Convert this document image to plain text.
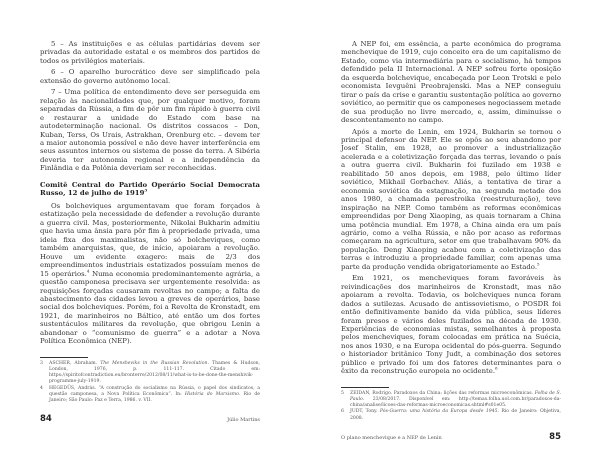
5 – As instituições e as células partidárias devem ser privadas da autoridade estatal e os membros dos partidos de todos os privilégios materiais.

6 – O aparelho burocrático deve ser simplificado pela extensão do governo autônomo local.

7 – Uma política de entendimento deve ser perseguida em relação às nacionalidades que, por qualquer motivo, foram separadas da Rússia, a fim de pôr um fim rápido à guerra civil e restaurar a unidade do Estado com base na autodeterminação nacional. Os distritos cossacos – Don, Kuban, Terss, Os Urais, Astrakhan, Orenburg etc. – devem ter a maior autonomia possível e não deve haver interferência em seus assuntos internos ou sistema de posse da terra. A Sibéria deveria ter autonomia regional e a independência da Finlândia e da Polônia deveriam ser reconhecidas.

Comitê Central do Partido Operário Social Democrata Russo, 12 de julho de 1919$^3$

Os bolcheviques argumentavam que foram forçados à estatização pela necessidade de defender a revolução durante a guerra civil. Mas, posteriormente, Nikolai Bukharin admitiu que havia uma ânsia para pôr fim à propriedade privada, uma ideia fixa dos maximalistas, não só bolcheviques, como também anarquistas, que, de início, apoiaram a revolução. Houve um evidente exagero: mais de 2/3 dos empreendimentos industriais estatizados possuíam menos de 15 operários.$^4$ Numa economia predominantemente agrária, a questão camponesa precisava ser urgentemente resolvida: as requisições forçadas causaram revoltas no campo; a falta de abastecimento das cidades levou a greves de operários, base social dos bolcheviques. Porém, foi a Revolta de Kronstadt, em 1921, de marinheiros no Báltico, até então um dos fortes sustentáculos militares da revolução, que obrigou Lenin a abandonar o “comunismo de guerra” e a adotar a Nova Política Econômica (NEP).

3 ASCHER, Abraham. The Mensheviks in the Russian Revolution. Thames & Hudson, London, 1976, p. 111-117. Citado em: https://spiritofcontradiction.eu/bronterre/2012/08/11/what-is-to-be-done-the-menshivik-programme-july-1919.
4 HEGEDÜS, András. “A construção do socialismo na Rússia, o papel dos sindicatos, a questão camponesa, a Nova Política Econômica”. In: História do Marxismo. Rio de Janeiro; São Paulo: Paz e Terra, 1986. v. VII.
84	Júlio Martins

A NEP foi, em essência, a parte econômica do programa menchevique de 1919, cujo conceito era de um capitalismo de Estado, como via intermediária para o socialismo, há tempos defendido pela II Internacional. A NEP sofreu forte oposição da esquerda bolchevique, encabeçada por Leon Trotski e pelo economista Ievguêni Preobrajenski. Mas a NEP conseguiu tirar o país da crise e garantiu sustentação política ao governo soviético, ao permitir que os camponeses negociassem metade de sua produção no livre mercado, e, assim, diminuísse o descontentamento no campo.

Após a morte de Lenin, em 1924, Bukharin se tornou o principal defensor da NEP. Ele se opôs ao seu abandono por Josef Stalin, em 1928, ao promover a industrialização acelerada e a coletivização forçada das terras, levando o país a outra guerra civil. Bukharin foi fuzilado em 1938 e reabilitado 50 anos depois, em 1988, pelo último líder soviético, Mikhail Gorbachev. Aliás, a tentativa de tirar a economia soviética da estagnação, na segunda metade dos anos 1980, a chamada perestroika (reestruturação), teve inspiração na NEP. Como também as reformas econômicas empreendidas por Deng Xiaoping, as quais tornaram a China uma potência mundial. Em 1978, a China ainda era um país agrário, como a velha Rússia, e não por acaso as reformas começaram na agricultura, setor em que trabalhavam 90% da população. Deng Xiaoping acabou com a coletivização das terras e introduziu a propriedade familiar, com apenas uma parte da produção vendida obrigatoriamente ao Estado.$^5$

Em 1921, os mencheviques foram favoráveis às reivindicações dos marinheiros de Kronstadt, mas não apoiaram a revolta. Todavia, os bolcheviques nunca foram dados a sutilezas. Acusado de antissovietismo, o POSDR foi então definitivamente banido da vida pública, seus líderes foram presos e vários deles fuzilados na década de 1930. Experiências de economias mistas, semelhantes à proposta pelos mencheviques, foram colocadas em prática na Suécia, nos anos 1930, e na Europa ocidental do pós-guerra. Segundo o historiador britânico Tony Judt, a combinação dos setores público e privado foi um dos fatores determinantes para o êxito da reconstrução europeia no ocidente.$^6$

5 ZEIDAN, Rodrigo. Paradoxos da China: lições das reformas microeconômicas. Folha de S. Paulo. 23/08/2017. Disponível em: http://temas.folha.uol.com.br/paradoxos-da-china/analise/licoes-das-reformas-microeconomicas.shtml#s01e05.
6 JUDT, Tony. Pós-Guerra: uma história da Europa desde 1945. Rio de Janeiro: Objetiva, 2008.
O plano menchevique e a NEP de Lenin	85
